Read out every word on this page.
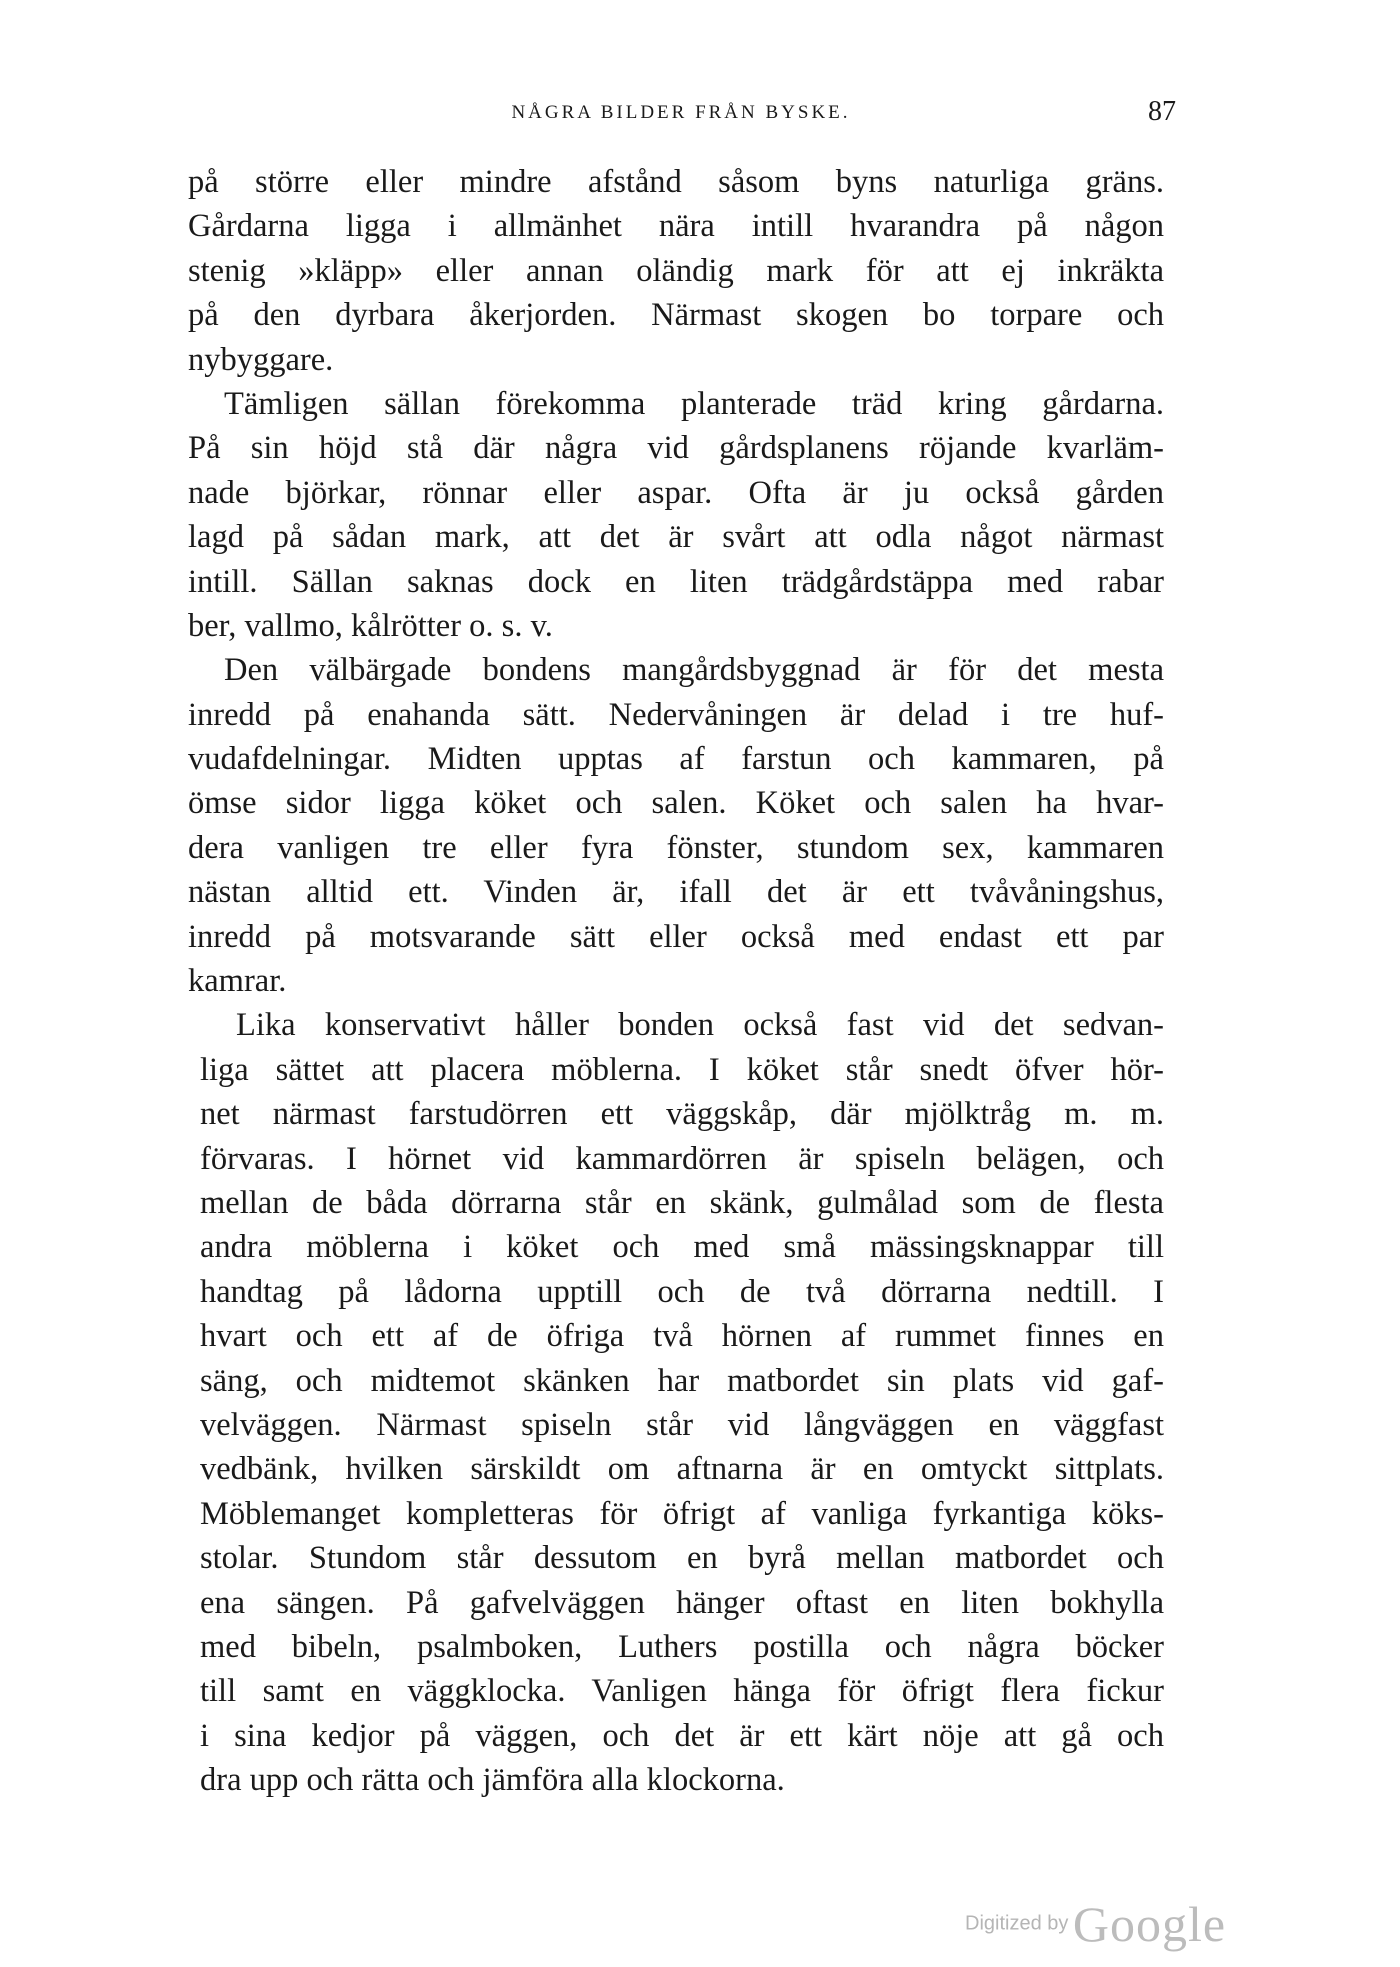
NÅGRA BILDER FRÅN BYSKE.	87
på större eller mindre afstånd såsom byns naturliga gräns.
Gårdarna ligga i allmänhet nära intill hvarandra på någon
stenig »kläpp» eller annan oländig mark för att ej inkräkta
på den dyrbara åkerjorden. Närmast skogen bo torpare och
nybyggare.
Tämligen sällan förekomma planterade träd kring gårdarna.
På sin höjd stå där några vid gårdsplanens röjande kvarläm-
nade björkar, rönnar eller aspar. Ofta är ju också gården
lagd på sådan mark, att det är svårt att odla något närmast
intill. Sällan saknas dock en liten trädgårdstäppa med rabar
ber, vallmo, kålrötter o. s. v.
Den välbärgade bondens mangårdsbyggnad är för det mesta
inredd på enahanda sätt. Nedervåningen är delad i tre huf-
vudafdelningar. Midten upptas af farstun och kammaren, på
ömse sidor ligga köket och salen. Köket och salen ha hvar-
dera vanligen tre eller fyra fönster, stundom sex, kammaren
nästan alltid ett. Vinden är, ifall det är ett tvåvåningshus,
inredd på motsvarande sätt eller också med endast ett par
kamrar.
Lika konservativt håller bonden också fast vid det sedvan-
liga sättet att placera möblerna. I köket står snedt öfver hör-
net närmast farstudörren ett väggskåp, där mjölktråg m. m.
förvaras. I hörnet vid kammardörren är spiseln belägen, och
mellan de båda dörrarna står en skänk, gulmålad som de flesta
andra möblerna i köket och med små mässingsknappar till
handtag på lådorna upptill och de två dörrarna nedtill. I
hvart och ett af de öfriga två hörnen af rummet finnes en
säng, och midtemot skänken har matbordet sin plats vid gaf-
velväggen. Närmast spiseln står vid långväggen en väggfast
vedbänk, hvilken särskildt om aftnarna är en omtyckt sittplats.
Möblemanget kompletteras för öfrigt af vanliga fyrkantiga köks-
stolar. Stundom står dessutom en byrå mellan matbordet och
ena sängen. På gafvelväggen hänger oftast en liten bokhylla
med bibeln, psalmboken, Luthers postilla och några böcker
till samt en väggklocka. Vanligen hänga för öfrigt flera fickur
i sina kedjor på väggen, och det är ett kärt nöje att gå och
dra upp och rätta och jämföra alla klockorna.
Digitized by Google
